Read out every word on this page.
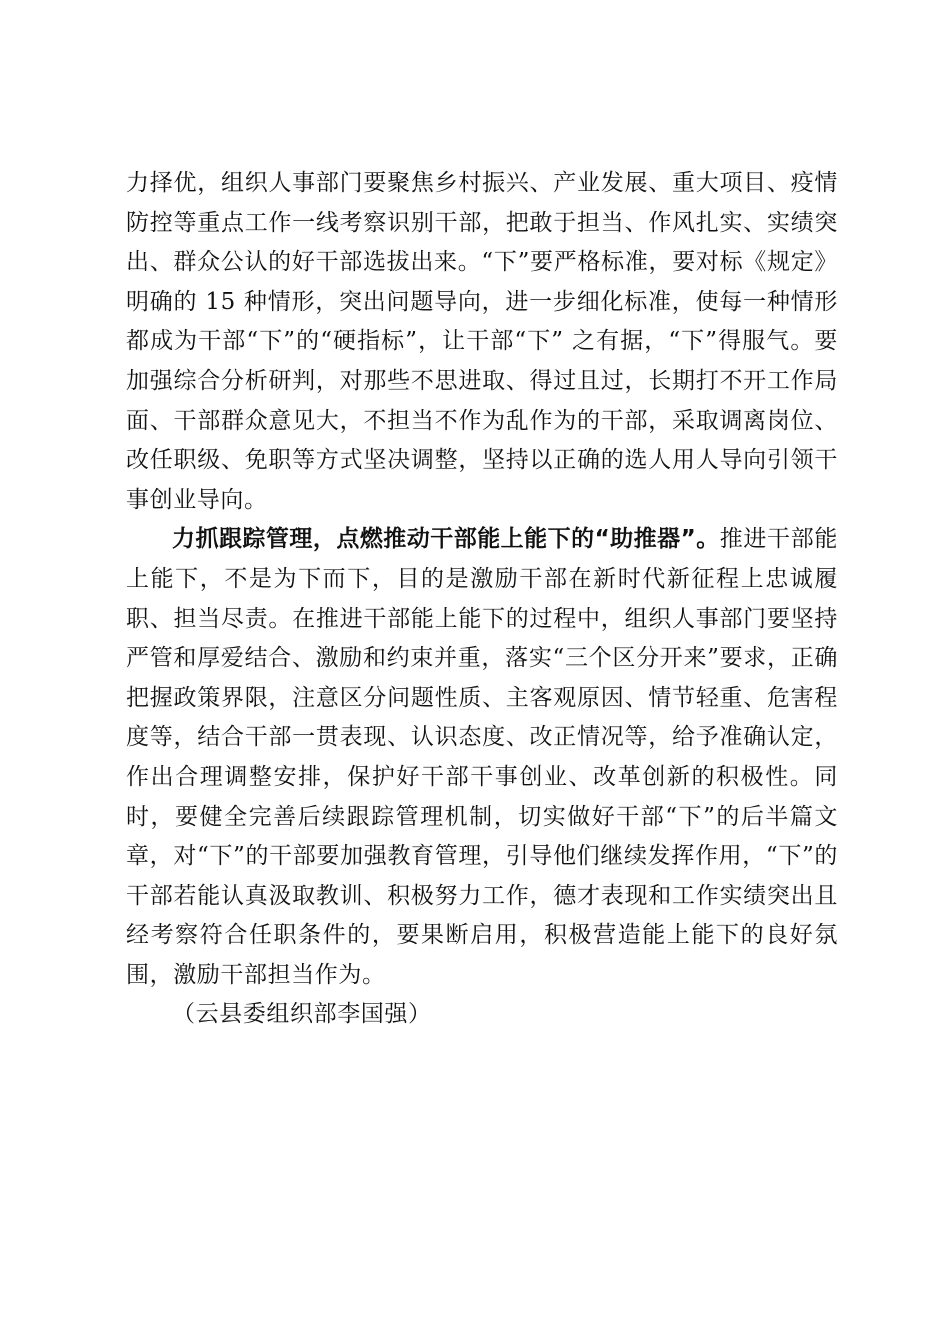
力择优，组织人事部门要聚焦乡村振兴、产业发展、重大项目、疫情防控等重点工作一线考察识别干部，把敢于担当、作风扎实、实绩突出、群众公认的好干部选拔出来。“下”要严格标准，要对标《规定》明确的 15 种情形，突出问题导向，进一步细化标准，使每一种情形都成为干部“下”的“硬指标”，让干部“下” 之有据，“下”得服气。要加强综合分析研判，对那些不思进取、得过且过，长期打不开工作局面、干部群众意见大，不担当不作为乱作为的干部，采取调离岗位、改任职级、免职等方式坚决调整，坚持以正确的选人用人导向引领干事创业导向。

力抓跟踪管理，点燃推动干部能上能下的“助推器”。推进干部能上能下，不是为下而下，目的是激励干部在新时代新征程上忠诚履职、担当尽责。在推进干部能上能下的过程中，组织人事部门要坚持严管和厚爱结合、激励和约束并重，落实“三个区分开来”要求，正确把握政策界限，注意区分问题性质、主客观原因、情节轻重、危害程度等，结合干部一贯表现、认识态度、改正情况等，给予准确认定，作出合理调整安排，保护好干部干事创业、改革创新的积极性。同时，要健全完善后续跟踪管理机制，切实做好干部“下”的后半篇文章，对“下”的干部要加强教育管理，引导他们继续发挥作用，“下”的干部若能认真汲取教训、积极努力工作，德才表现和工作实绩突出且经考察符合任职条件的，要果断启用，积极营造能上能下的良好氛围，激励干部担当作为。

（云县委组织部李国强）
